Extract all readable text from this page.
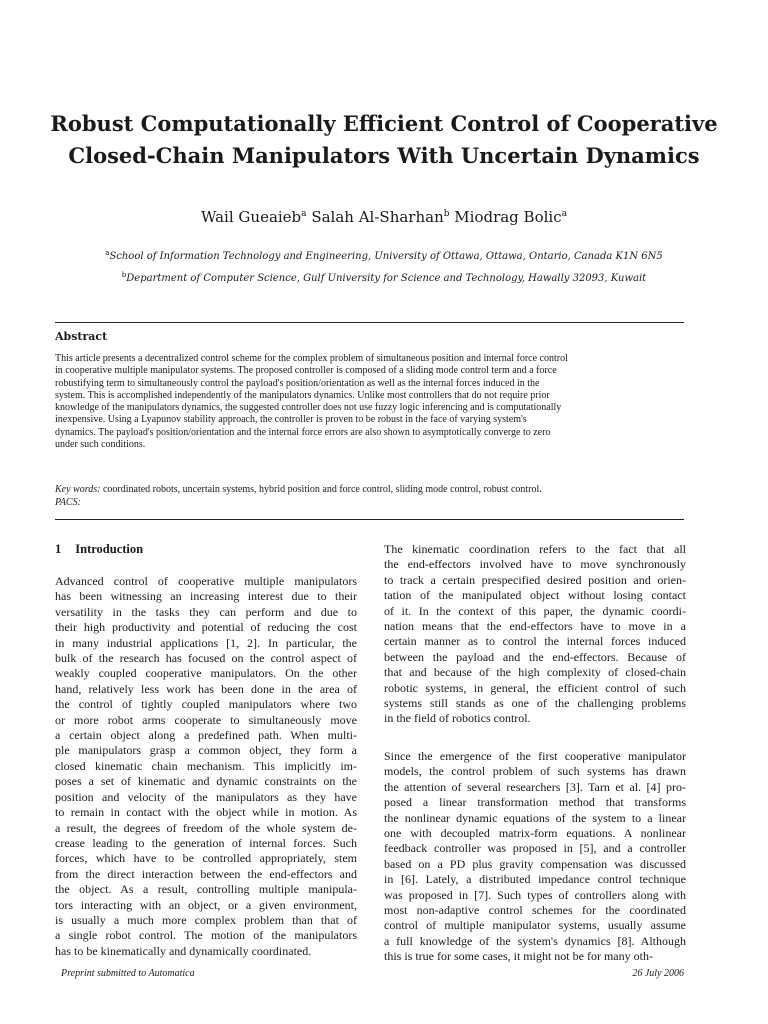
Robust Computationally Efficient Control of Cooperative
Closed-Chain Manipulators With Uncertain Dynamics
Wail Gueaieb$^a$ Salah Al-Sharhan$^b$ Miodrag Bolic$^a$
$^a$School of Information Technology and Engineering, University of Ottawa, Ottawa, Ontario, Canada K1N 6N5
$^b$Department of Computer Science, Gulf University for Science and Technology, Hawally 32093, Kuwait
Abstract
This article presents a decentralized control scheme for the complex problem of simultaneous position and internal force control
in cooperative multiple manipulator systems. The proposed controller is composed of a sliding mode control term and a force
robustifying term to simultaneously control the payload's position/orientation as well as the internal forces induced in the
system. This is accomplished independently of the manipulators dynamics. Unlike most controllers that do not require prior
knowledge of the manipulators dynamics, the suggested controller does not use fuzzy logic inferencing and is computationally
inexpensive. Using a Lyapunov stability approach, the controller is proven to be robust in the face of varying system's
dynamics. The payload's position/orientation and the internal force errors are also shown to asymptotically converge to zero
under such conditions.
Key words: coordinated robots, uncertain systems, hybrid position and force control, sliding mode control, robust control.
PACS:
1 Introduction
Advanced control of cooperative multiple manipulators
has been witnessing an increasing interest due to their
versatility in the tasks they can perform and due to
their high productivity and potential of reducing the cost
in many industrial applications [1, 2]. In particular, the
bulk of the research has focused on the control aspect of
weakly coupled cooperative manipulators. On the other
hand, relatively less work has been done in the area of
the control of tightly coupled manipulators where two
or more robot arms cooperate to simultaneously move
a certain object along a predefined path. When multi-
ple manipulators grasp a common object, they form a
closed kinematic chain mechanism. This implicitly im-
poses a set of kinematic and dynamic constraints on the
position and velocity of the manipulators as they have
to remain in contact with the object while in motion. As
a result, the degrees of freedom of the whole system de-
crease leading to the generation of internal forces. Such
forces, which have to be controlled appropriately, stem
from the direct interaction between the end-effectors and
the object. As a result, controlling multiple manipula-
tors interacting with an object, or a given environment,
is usually a much more complex problem than that of
a single robot control. The motion of the manipulators
has to be kinematically and dynamically coordinated.
The kinematic coordination refers to the fact that all
the end-effectors involved have to move synchronously
to track a certain prespecified desired position and orien-
tation of the manipulated object without losing contact
of it. In the context of this paper, the dynamic coordi-
nation means that the end-effectors have to move in a
certain manner as to control the internal forces induced
between the payload and the end-effectors. Because of
that and because of the high complexity of closed-chain
robotic systems, in general, the efficient control of such
systems still stands as one of the challenging problems
in the field of robotics control.
Since the emergence of the first cooperative manipulator
models, the control problem of such systems has drawn
the attention of several researchers [3]. Tarn et al. [4] pro-
posed a linear transformation method that transforms
the nonlinear dynamic equations of the system to a linear
one with decoupled matrix-form equations. A nonlinear
feedback controller was proposed in [5], and a controller
based on a PD plus gravity compensation was discussed
in [6]. Lately, a distributed impedance control technique
was proposed in [7]. Such types of controllers along with
most non-adaptive control schemes for the coordinated
control of multiple manipulator systems, usually assume
a full knowledge of the system's dynamics [8]. Although
this is true for some cases, it might not be for many oth-
Preprint submitted to Automatica	26 July 2006
